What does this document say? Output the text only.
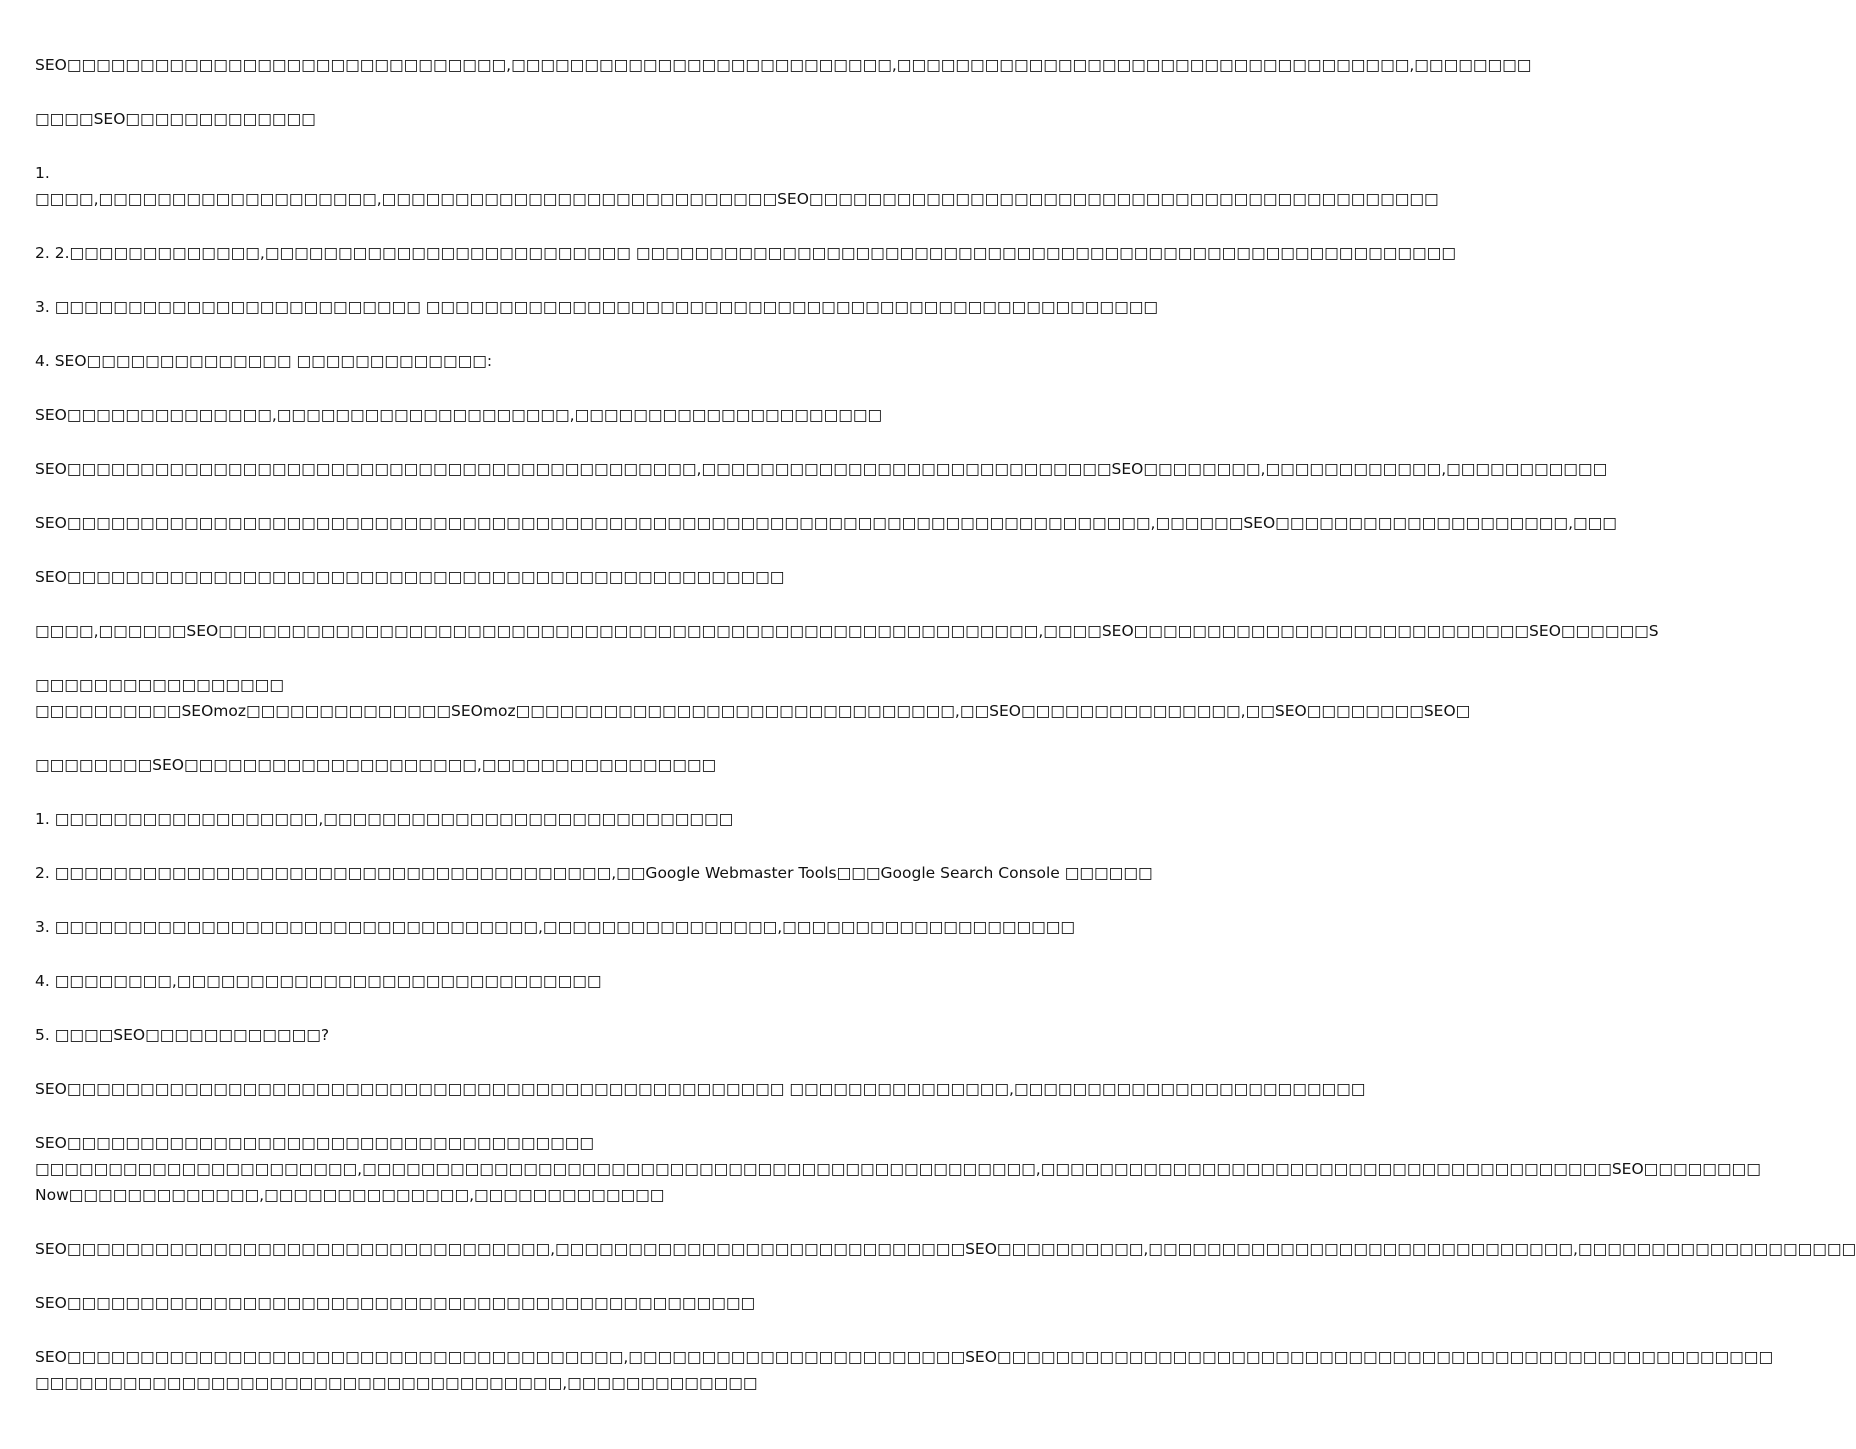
SEO□□□□□□□□□□□□□□□□□□□□□□□□□□□□□□,□□□□□□□□□□□□□□□□□□□□□□□□□□,□□□□□□□□□□□□□□□□□□□□□□□□□□□□□□□□□□□,□□□□□□□□

□□□□SEO□□□□□□□□□□□□□

1.
□□□□,□□□□□□□□□□□□□□□□□□□,□□□□□□□□□□□□□□□□□□□□□□□□□□□SEO□□□□□□□□□□□□□□□□□□□□□□□□□□□□□□□□□□□□□□□□□□□

2. 2.□□□□□□□□□□□□□,□□□□□□□□□□□□□□□□□□□□□□□□□ □□□□□□□□□□□□□□□□□□□□□□□□□□□□□□□□□□□□□□□□□□□□□□□□□□□□□□□□

3. □□□□□□□□□□□□□□□□□□□□□□□□□ □□□□□□□□□□□□□□□□□□□□□□□□□□□□□□□□□□□□□□□□□□□□□□□□□□

4. SEO□□□□□□□□□□□□□□ □□□□□□□□□□□□□:

SEO□□□□□□□□□□□□□□,□□□□□□□□□□□□□□□□□□□□,□□□□□□□□□□□□□□□□□□□□□

SEO□□□□□□□□□□□□□□□□□□□□□□□□□□□□□□□□□□□□□□□□□□□,□□□□□□□□□□□□□□□□□□□□□□□□□□□□SEO□□□□□□□□,□□□□□□□□□□□□,□□□□□□□□□□□

SEO□□□□□□□□□□□□□□□□□□□□□□□□□□□□□□□□□□□□□□□□□□□□□□□□□□□□□□□□□□□□□□□□□□□□□□□□□□,□□□□□□SEO□□□□□□□□□□□□□□□□□□□□,□□□

SEO□□□□□□□□□□□□□□□□□□□□□□□□□□□□□□□□□□□□□□□□□□□□□□□□□

□□□□,□□□□□□SEO□□□□□□□□□□□□□□□□□□□□□□□□□□□□□□□□□□□□□□□□□□□□□□□□□□□□□□□□,□□□□SEO□□□□□□□□□□□□□□□□□□□□□□□□□□□SEO□□□□□□S

□□□□□□□□□□□□□□□□□
□□□□□□□□□□SEOmoz□□□□□□□□□□□□□□SEOmoz□□□□□□□□□□□□□□□□□□□□□□□□□□□□□□,□□SEO□□□□□□□□□□□□□□□,□□SEO□□□□□□□□SEO□

□□□□□□□□SEO□□□□□□□□□□□□□□□□□□□□,□□□□□□□□□□□□□□□□

1. □□□□□□□□□□□□□□□□□□,□□□□□□□□□□□□□□□□□□□□□□□□□□□□

2. □□□□□□□□□□□□□□□□□□□□□□□□□□□□□□□□□□□□□□,□□Google Webmaster Tools□□□Google Search Console □□□□□□

3. □□□□□□□□□□□□□□□□□□□□□□□□□□□□□□□□□,□□□□□□□□□□□□□□□□,□□□□□□□□□□□□□□□□□□□□

4. □□□□□□□□,□□□□□□□□□□□□□□□□□□□□□□□□□□□□□

5. □□□□SEO□□□□□□□□□□□□?

SEO□□□□□□□□□□□□□□□□□□□□□□□□□□□□□□□□□□□□□□□□□□□□□□□□□ □□□□□□□□□□□□□□□,□□□□□□□□□□□□□□□□□□□□□□□□

SEO□□□□□□□□□□□□□□□□□□□□□□□□□□□□□□□□□□□□
□□□□□□□□□□□□□□□□□□□□□□,□□□□□□□□□□□□□□□□□□□□□□□□□□□□□□□□□□□□□□□□□□□□□□,□□□□□□□□□□□□□□□□□□□□□□□□□□□□□□□□□□□□□□□SEO□□□□□□□□
Now□□□□□□□□□□□□□,□□□□□□□□□□□□□□,□□□□□□□□□□□□□

SEO□□□□□□□□□□□□□□□□□□□□□□□□□□□□□□□□□,□□□□□□□□□□□□□□□□□□□□□□□□□□□□SEO□□□□□□□□□□,□□□□□□□□□□□□□□□□□□□□□□□□□□□□□,□□□□□□□□□□□□□□□□□□□

SEO□□□□□□□□□□□□□□□□□□□□□□□□□□□□□□□□□□□□□□□□□□□□□□□

SEO□□□□□□□□□□□□□□□□□□□□□□□□□□□□□□□□□□□□□□,□□□□□□□□□□□□□□□□□□□□□□□SEO□□□□□□□□□□□□□□□□□□□□□□□□□□□□□□□□□□□□□□□□□□□□□□□□□□□□□
□□□□□□□□□□□□□□□□□□□□□□□□□□□□□□□□□□□□,□□□□□□□□□□□□□
